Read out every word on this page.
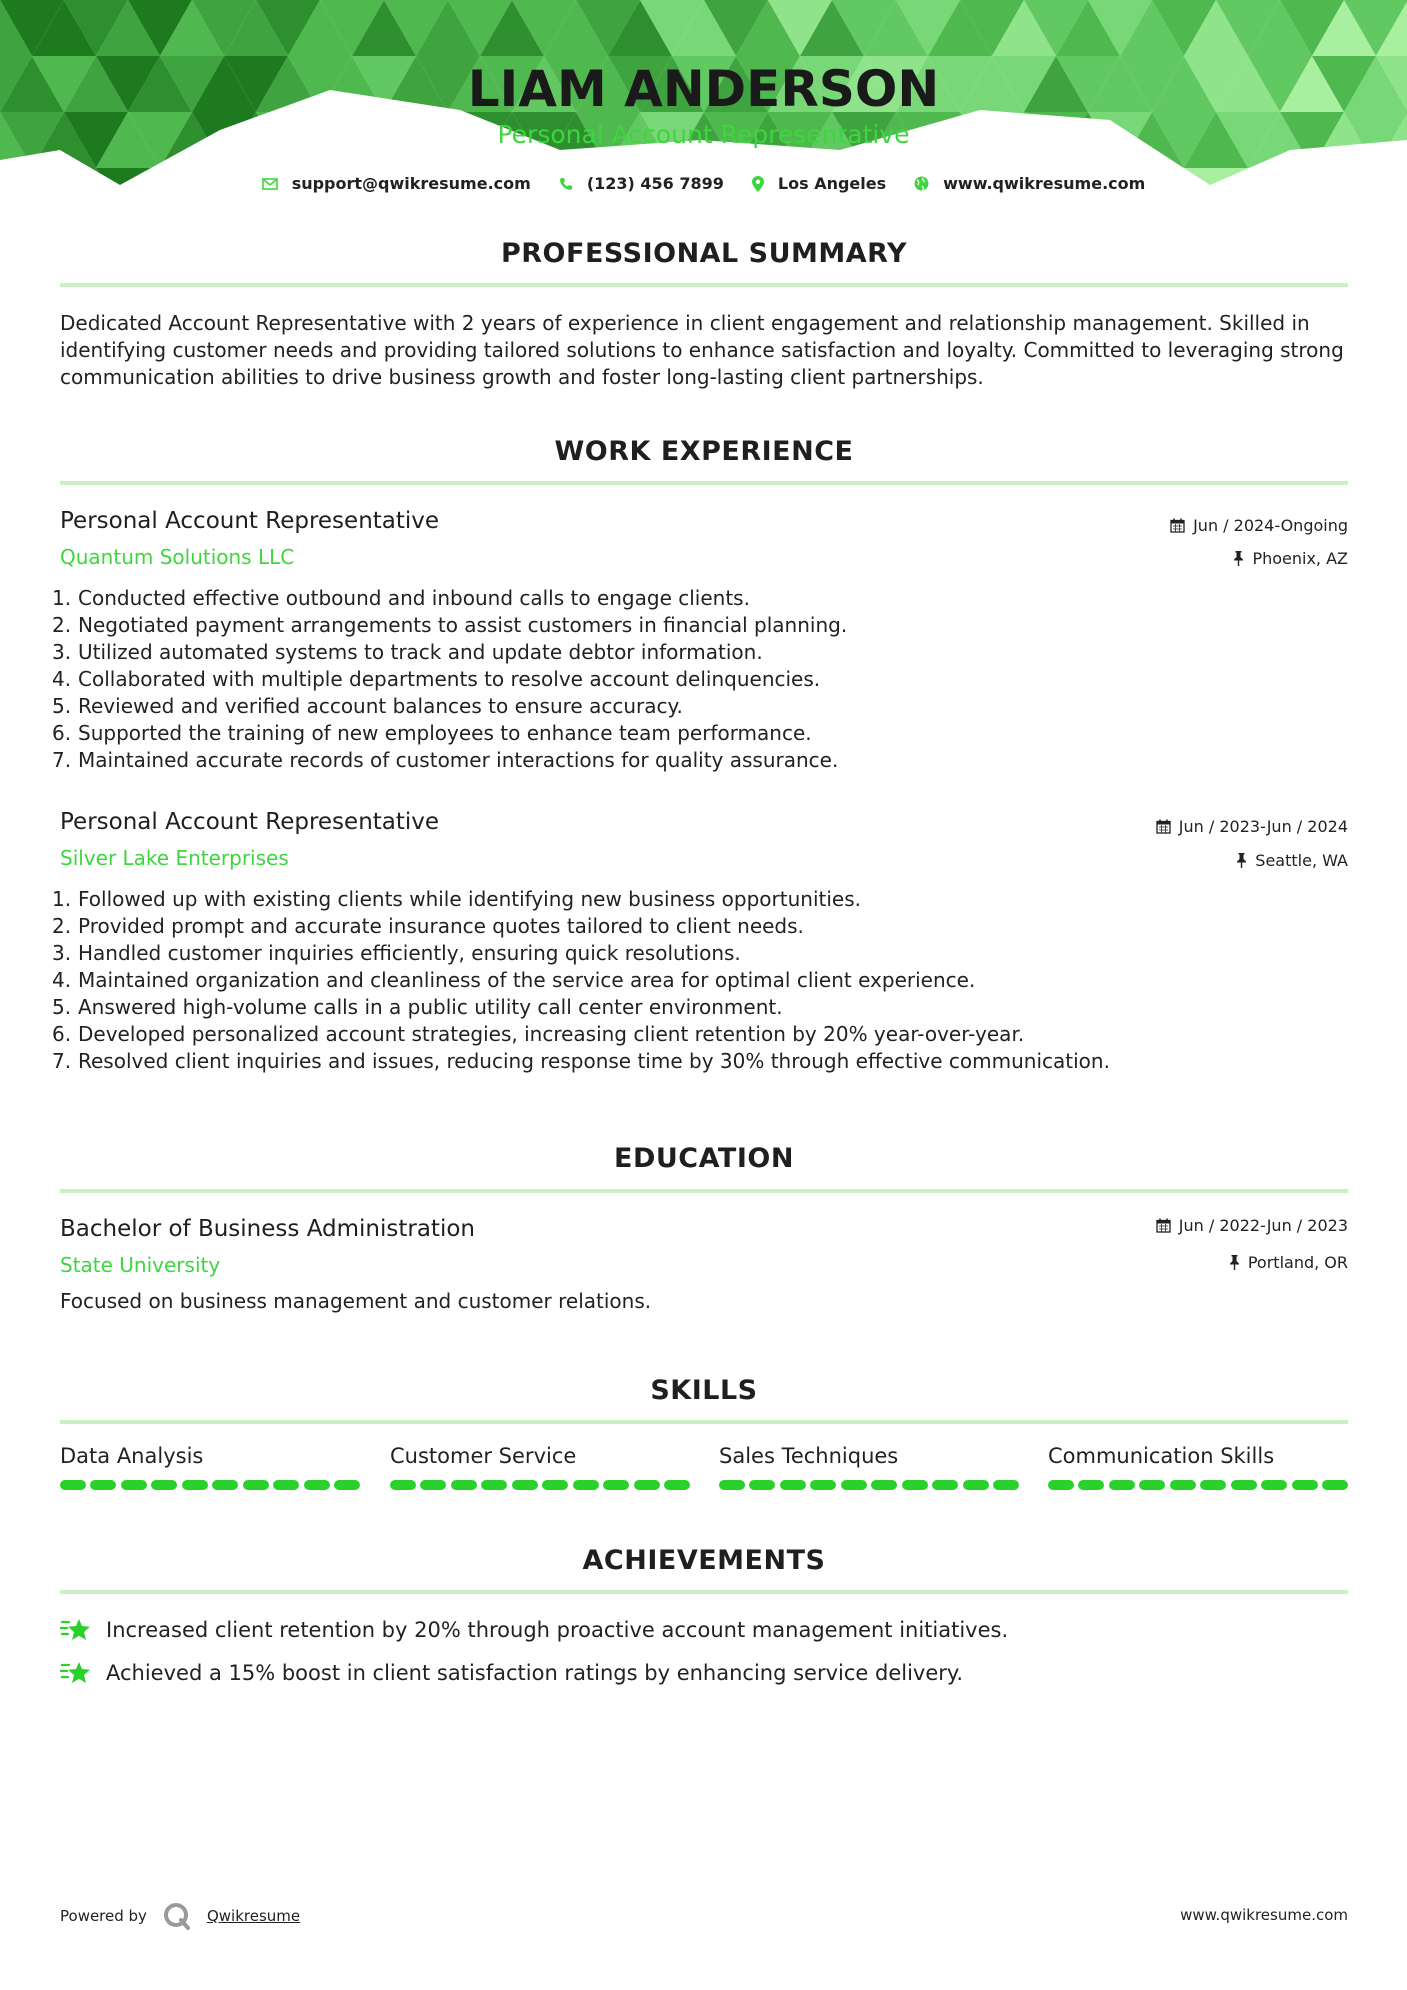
LIAM ANDERSON
Personal Account Representative
support@qwikresume.com	(123) 456 7899	Los Angeles	www.qwikresume.com
PROFESSIONAL SUMMARY
Dedicated Account Representative with 2 years of experience in client engagement and relationship management. Skilled in
identifying customer needs and providing tailored solutions to enhance satisfaction and loyalty. Committed to leveraging strong
communication abilities to drive business growth and foster long-lasting client partnerships.
WORK EXPERIENCE
Personal Account Representative
Quantum Solutions LLC
Jun / 2024-Ongoing
Phoenix, AZ
1. Conducted effective outbound and inbound calls to engage clients.
2. Negotiated payment arrangements to assist customers in financial planning.
3. Utilized automated systems to track and update debtor information.
4. Collaborated with multiple departments to resolve account delinquencies.
5. Reviewed and verified account balances to ensure accuracy.
6. Supported the training of new employees to enhance team performance.
7. Maintained accurate records of customer interactions for quality assurance.
Personal Account Representative
Silver Lake Enterprises
Jun / 2023-Jun / 2024
Seattle, WA
1. Followed up with existing clients while identifying new business opportunities.
2. Provided prompt and accurate insurance quotes tailored to client needs.
3. Handled customer inquiries efficiently, ensuring quick resolutions.
4. Maintained organization and cleanliness of the service area for optimal client experience.
5. Answered high-volume calls in a public utility call center environment.
6. Developed personalized account strategies, increasing client retention by 20% year-over-year.
7. Resolved client inquiries and issues, reducing response time by 30% through effective communication.
EDUCATION
Bachelor of Business Administration
State University
Jun / 2022-Jun / 2023
Portland, OR
Focused on business management and customer relations.
SKILLS
Data Analysis	Customer Service	Sales Techniques	Communication Skills
ACHIEVEMENTS
Increased client retention by 20% through proactive account management initiatives.
Achieved a 15% boost in client satisfaction ratings by enhancing service delivery.
Powered by	Qwikresume	www.qwikresume.com
